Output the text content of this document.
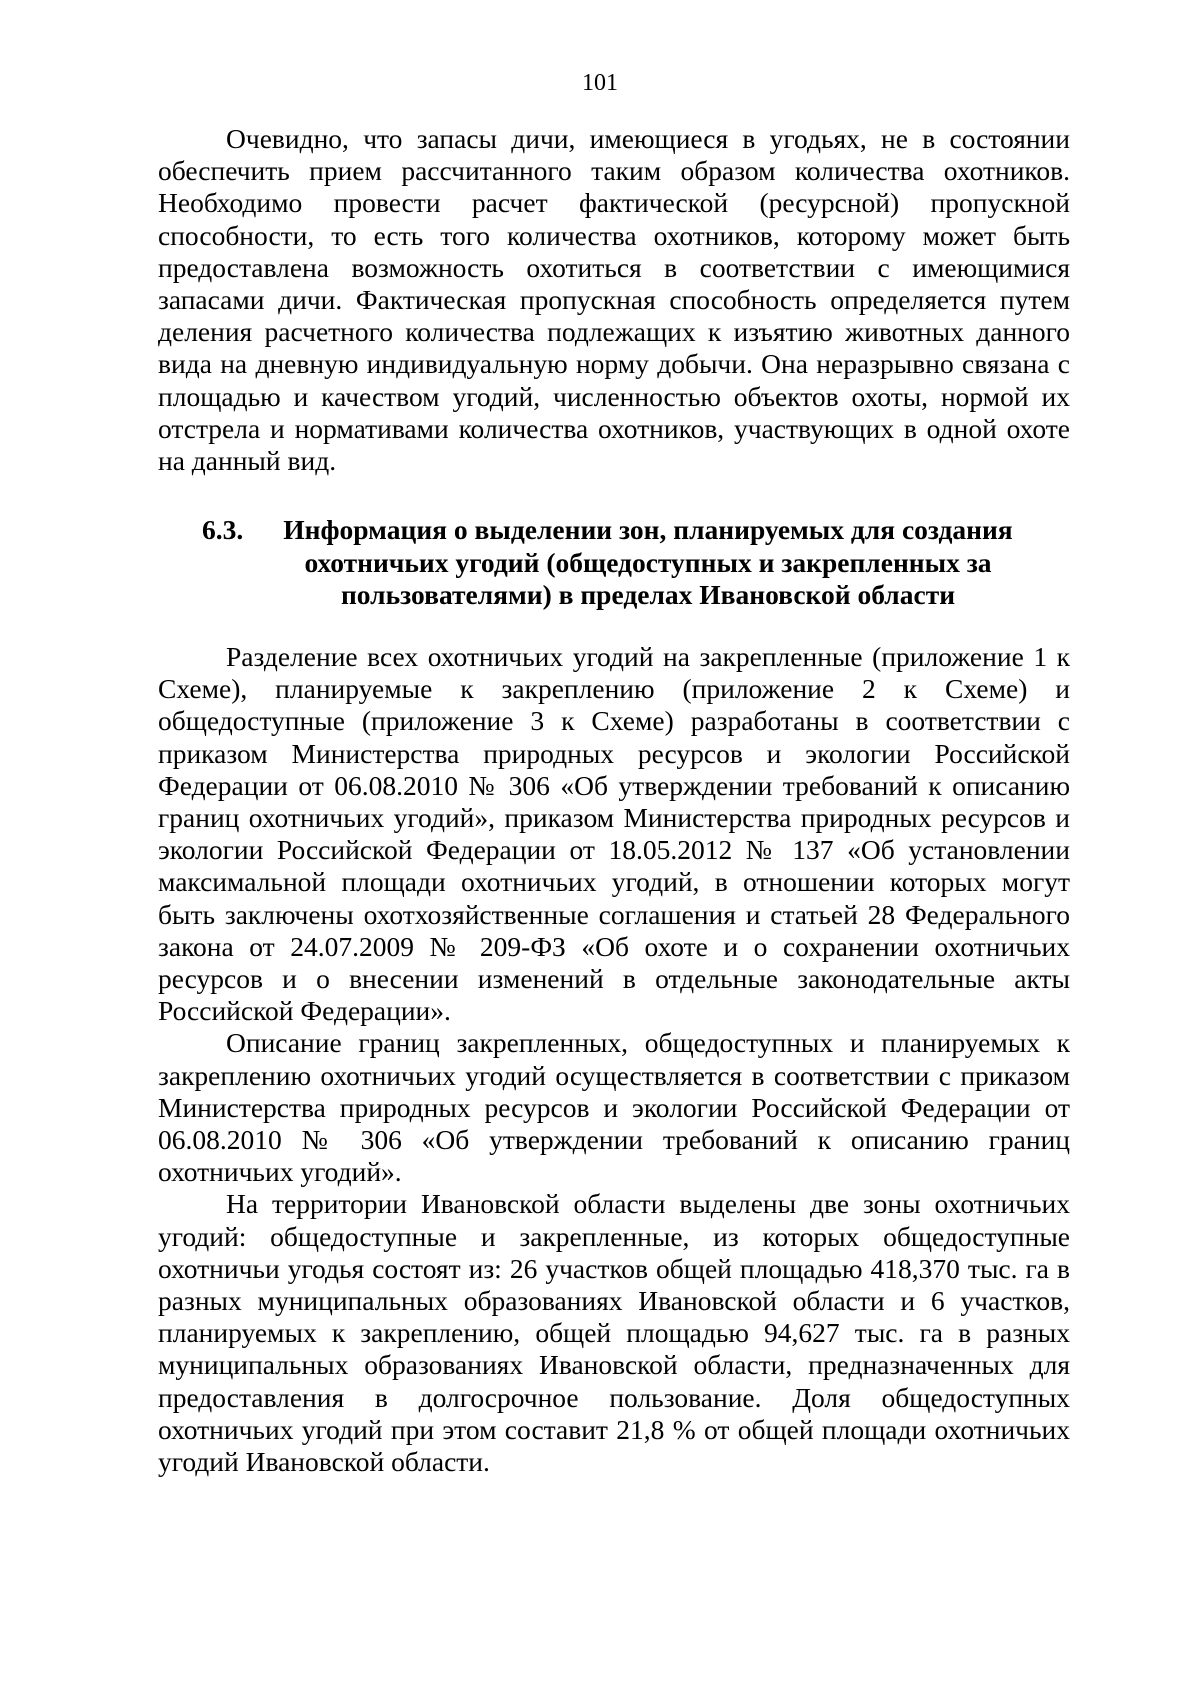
101

Очевидно, что запасы дичи, имеющиеся в угодьях, не в состоянии обеспечить прием рассчитанного таким образом количества охотников. Необходимо провести расчет фактической (ресурсной) пропускной способности, то есть того количества охотников, которому может быть предоставлена возможность охотиться в соответствии с имеющимися запасами дичи. Фактическая пропускная способность определяется путем деления расчетного количества подлежащих к изъятию животных данного вида на дневную индивидуальную норму добычи. Она неразрывно связана с площадью и качеством угодий, численностью объектов охоты, нормой их отстрела и нормативами количества охотников, участвующих в одной охоте на данный вид.

6.3. Информация о выделении зон, планируемых для создания охотничьих угодий (общедоступных и закрепленных за пользователями) в пределах Ивановской области

Разделение всех охотничьих угодий на закрепленные (приложение 1 к Схеме), планируемые к закреплению (приложение 2 к Схеме) и общедоступные (приложение 3 к Схеме) разработаны в соответствии с приказом Министерства природных ресурсов и экологии Российской Федерации от 06.08.2010 № 306 «Об утверждении требований к описанию границ охотничьих угодий», приказом Министерства природных ресурсов и экологии Российской Федерации от 18.05.2012 № 137 «Об установлении максимальной площади охотничьих угодий, в отношении которых могут быть заключены охотхозяйственные соглашения и статьей 28 Федерального закона от 24.07.2009 № 209-ФЗ «Об охоте и о сохранении охотничьих ресурсов и о внесении изменений в отдельные законодательные акты Российской Федерации».

Описание границ закрепленных, общедоступных и планируемых к закреплению охотничьих угодий осуществляется в соответствии с приказом Министерства природных ресурсов и экологии Российской Федерации от 06.08.2010 № 306 «Об утверждении требований к описанию границ охотничьих угодий».

На территории Ивановской области выделены две зоны охотничьих угодий: общедоступные и закрепленные, из которых общедоступные охотничьи угодья состоят из: 26 участков общей площадью 418,370 тыс. га в разных муниципальных образованиях Ивановской области и 6 участков, планируемых к закреплению, общей площадью 94,627 тыс. га в разных муниципальных образованиях Ивановской области, предназначенных для предоставления в долгосрочное пользование. Доля общедоступных охотничьих угодий при этом составит 21,8 % от общей площади охотничьих угодий Ивановской области.
